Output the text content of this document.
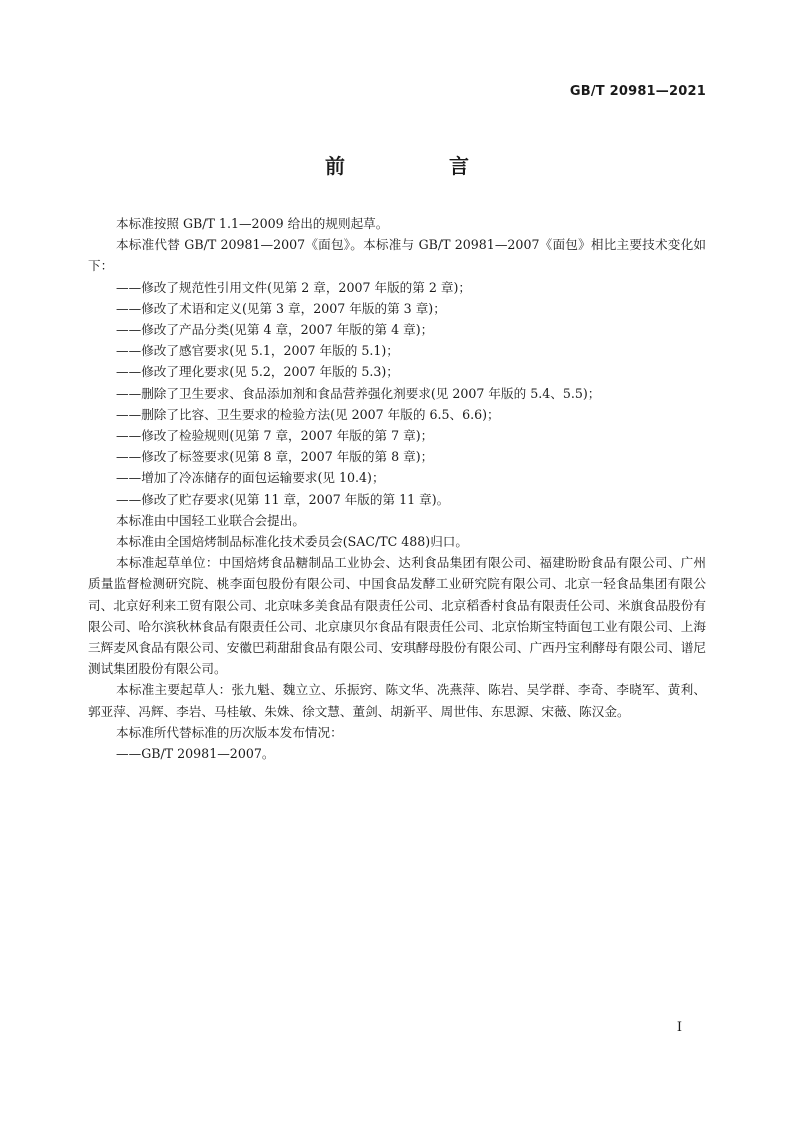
GB/T 20981—2021
前　言

本标准按照 GB/T 1.1—2009 给出的规则起草。

本标准代替 GB/T 20981—2007《面包》。本标准与 GB/T 20981—2007《面包》相比主要技术变化如下：

——修改了规范性引用文件(见第 2 章，2007 年版的第 2 章)；

——修改了术语和定义(见第 3 章，2007 年版的第 3 章)；

——修改了产品分类(见第 4 章，2007 年版的第 4 章)；

——修改了感官要求(见 5.1，2007 年版的 5.1)；

——修改了理化要求(见 5.2，2007 年版的 5.3)；

——删除了卫生要求、食品添加剂和食品营养强化剂要求(见 2007 年版的 5.4、5.5)；

——删除了比容、卫生要求的检验方法(见 2007 年版的 6.5、6.6)；

——修改了检验规则(见第 7 章，2007 年版的第 7 章)；

——修改了标签要求(见第 8 章，2007 年版的第 8 章)；

——增加了冷冻储存的面包运输要求(见 10.4)；

——修改了贮存要求(见第 11 章，2007 年版的第 11 章)。

本标准由中国轻工业联合会提出。

本标准由全国焙烤制品标准化技术委员会(SAC/TC 488)归口。

本标准起草单位：中国焙烤食品糖制品工业协会、达利食品集团有限公司、福建盼盼食品有限公司、广州质量监督检测研究院、桃李面包股份有限公司、中国食品发酵工业研究院有限公司、北京一轻食品集团有限公司、北京好利来工贸有限公司、北京味多美食品有限责任公司、北京稻香村食品有限责任公司、米旗食品股份有限公司、哈尔滨秋林食品有限责任公司、北京康贝尔食品有限责任公司、北京怡斯宝特面包工业有限公司、上海三辉麦风食品有限公司、安徽巴莉甜甜食品有限公司、安琪酵母股份有限公司、广西丹宝利酵母有限公司、谱尼测试集团股份有限公司。

本标准主要起草人：张九魁、魏立立、乐振窍、陈文华、冼燕萍、陈岩、吴学群、李奇、李晓军、黄利、郭亚萍、冯辉、李岩、马桂敏、朱姝、徐文慧、董剑、胡新平、周世伟、东思源、宋薇、陈汉金。

本标准所代替标准的历次版本发布情况：

——GB/T 20981—2007。

I
